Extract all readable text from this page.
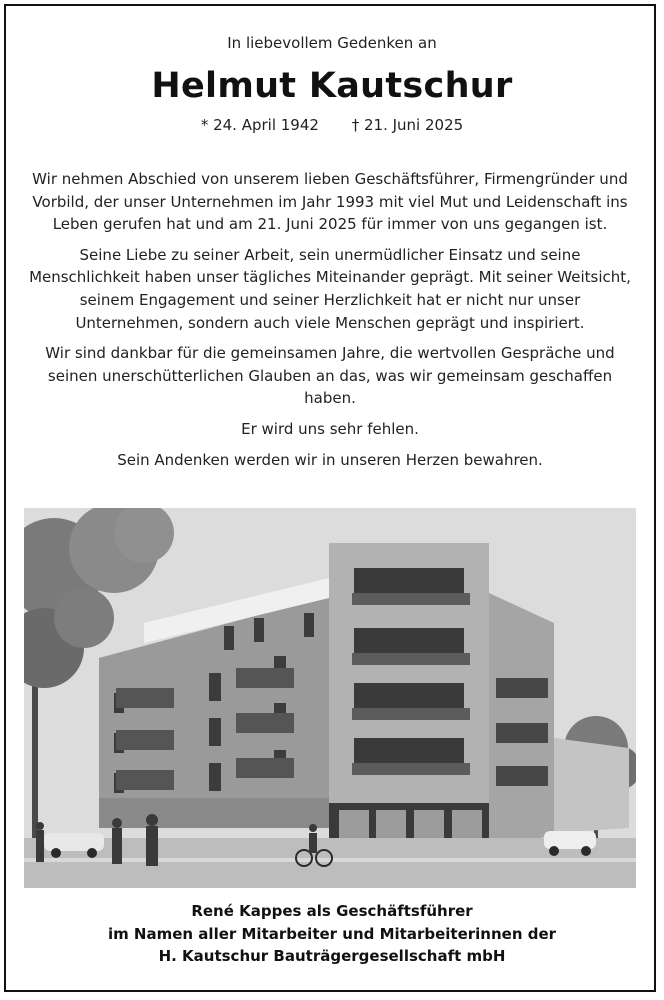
In liebevollem Gedenken an
Helmut Kautschur
* 24. April 1942 † 21. Juni 2025

Wir nehmen Abschied von unserem lieben Geschäftsführer, Firmengründer und Vorbild, der unser Unternehmen im Jahr 1993 mit viel Mut und Leidenschaft ins Leben gerufen hat und am 21. Juni 2025 für immer von uns gegangen ist.

Seine Liebe zu seiner Arbeit, sein unermüdlicher Einsatz und seine Menschlichkeit haben unser tägliches Miteinander geprägt. Mit seiner Weitsicht, seinem Engagement und seiner Herzlichkeit hat er nicht nur unser Unternehmen, sondern auch viele Menschen geprägt und inspiriert.

Wir sind dankbar für die gemeinsamen Jahre, die wertvollen Gespräche und seinen unerschütterlichen Glauben an das, was wir gemeinsam geschaffen haben.

Er wird uns sehr fehlen.

Sein Andenken werden wir in unseren Herzen bewahren.

René Kappes als Geschäftsführer
im Namen aller Mitarbeiter und Mitarbeiterinnen der
H. Kautschur Bauträgergesellschaft mbH
